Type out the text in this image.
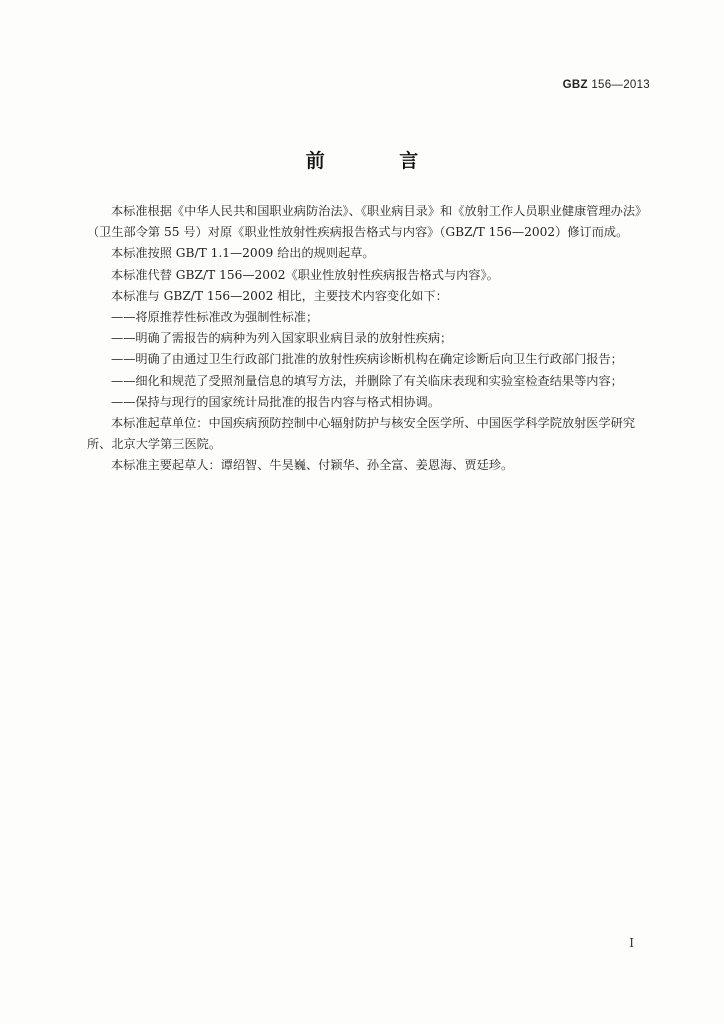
GBZ 156—2013
前 言

本标准根据《中华人民共和国职业病防治法》、《职业病目录》和《放射工作人员职业健康管理办法》
（卫生部令第 55 号）对原《职业性放射性疾病报告格式与内容》（GBZ/T 156—2002）修订而成。

本标准按照 GB/T 1.1—2009 给出的规则起草。

本标准代替 GBZ/T 156—2002《职业性放射性疾病报告格式与内容》。

本标准与 GBZ/T 156—2002 相比，主要技术内容变化如下：

——将原推荐性标准改为强制性标准；

——明确了需报告的病种为列入国家职业病目录的放射性疾病；

——明确了由通过卫生行政部门批准的放射性疾病诊断机构在确定诊断后向卫生行政部门报告；

——细化和规范了受照剂量信息的填写方法，并删除了有关临床表现和实验室检查结果等内容；

——保持与现行的国家统计局批准的报告内容与格式相协调。

本标准起草单位：中国疾病预防控制中心辐射防护与核安全医学所、中国医学科学院放射医学研究
所、北京大学第三医院。

本标准主要起草人：谭绍智、牛昊巍、付颖华、孙全富、姜恩海、贾廷珍。

I
